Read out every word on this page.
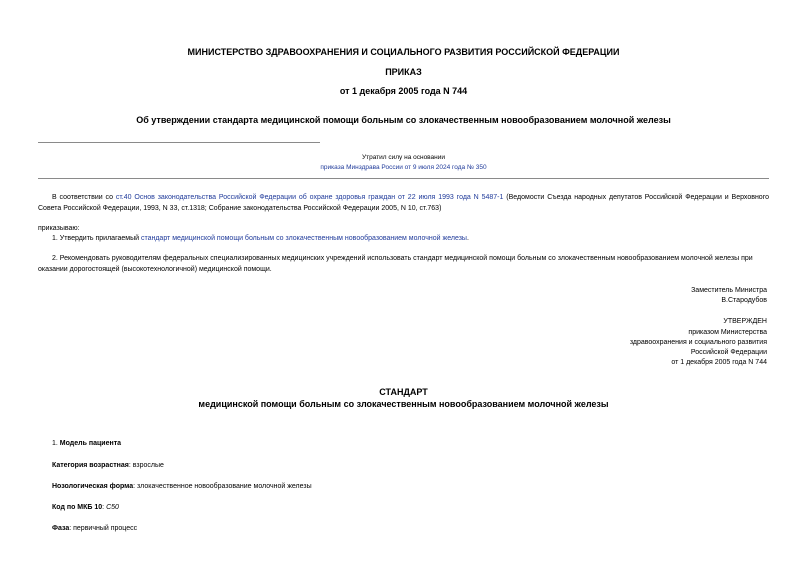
МИНИСТЕРСТВО ЗДРАВООХРАНЕНИЯ И СОЦИАЛЬНОГО РАЗВИТИЯ РОССИЙСКОЙ ФЕДЕРАЦИИ
ПРИКАЗ
от 1 декабря 2005 года N 744
Об утверждении стандарта медицинской помощи больным со злокачественным новообразованием молочной железы
Утратил силу на основании
приказа Минздрава России от 9 июля 2024 года № 350
В соответствии со ст.40 Основ законодательства Российской Федерации об охране здоровья граждан от 22 июля 1993 года N 5487-1 (Ведомости Съезда народных депутатов Российской Федерации и Верховного Совета Российской Федерации, 1993, N 33, ст.1318; Собрание законодательства Российской Федерации 2005, N 10, ст.763)
приказываю:
1. Утвердить прилагаемый стандарт медицинской помощи больным со злокачественным новообразованием молочной железы.
2. Рекомендовать руководителям федеральных специализированных медицинских учреждений использовать стандарт медицинской помощи больным со злокачественным новообразованием молочной железы при оказании дорогостоящей (высокотехнологичной) медицинской помощи.
Заместитель Министра
В.Стародубов
УТВЕРЖДЕН
приказом Министерства
здравоохранения и социального развития
Российской Федерации
от 1 декабря 2005 года N 744
СТАНДАРТ
медицинской помощи больным со злокачественным новообразованием молочной железы
1. Модель пациента
Категория возрастная: взрослые
Нозологическая форма: злокачественное новообразование молочной железы
Код по МКБ 10: C50
Фаза: первичный процесс
